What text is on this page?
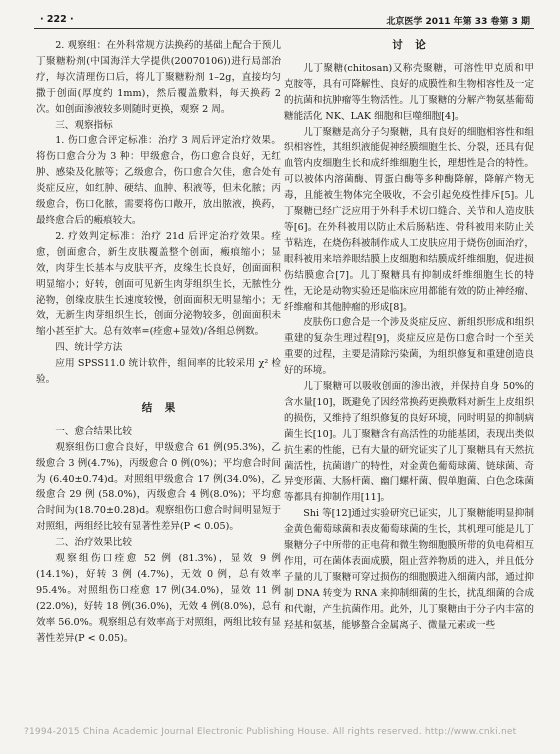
· 222 ·	北京医学 2011 年第 33 卷第 3 期

2. 观察组：在外科常规方法换药的基础上配合于预儿丁聚糖粉剂(中国海洋大学提供(20070106))进行局部治疗，每次清理伤口后，将儿丁聚糖粉剂 1–2g，直接均匀撒于创面(厚度约 1mm)，然后覆盖敷料，每天换药 2 次。如创面渗液较多则随时更换，观察 2 周。

三、观察指标

1. 伤口愈合评定标准：治疗 3 周后评定治疗效果。将伤口愈合分为 3 种：甲级愈合，伤口愈合良好，无红肿、感染及化脓等；乙级愈合，伤口愈合欠佳，愈合处有炎症反应，如红肿、硬结、血肿、积液等，但未化脓；丙级愈合，伤口化脓，需要将伤口敞开，放出脓液，换药，最终愈合后的瘢痕较大。

2. 疗效判定标准：治疗 21d 后评定治疗效果。痊愈，创面愈合，新生皮肤覆盖整个创面，瘢痕缩小；显效，肉芽生长基本与皮肤平齐，皮缘生长良好，创面面积明显缩小；好转，创面可见新生肉芽组织生长，无脓性分泌物，创缘皮肤生长速度较慢，创面面积无明显缩小；无效，无新生肉芽组织生长，创面分泌物较多，创面面积未缩小甚至扩大。总有效率=(痊愈+显效)/各组总例数。

四、统计学方法

应用 SPSS11.0 统计软件，组间率的比较采用 χ² 检验。

结果
一、愈合结果比较

观察组伤口愈合良好，甲级愈合 61 例(95.3%)，乙级愈合 3 例(4.7%)，丙级愈合 0 例(0%)；平均愈合时间为 (6.40±0.74)d。对照组甲级愈合 17 例(34.0%)，乙级愈合 29 例 (58.0%)，丙级愈合 4 例(8.0%)；平均愈合时间为(18.70±0.28)d。观察组伤口愈合时间明显短于对照组，两组经比较有显著性差异(P < 0.05)。

二、治疗效果比较

观察组伤口痊愈 52 例 (81.3%)，显效 9 例(14.1%)，好转 3 例 (4.7%)，无效 0 例，总有效率95.4%。对照组伤口痊愈 17 例(34.0%)，显效 11 例(22.0%)，好转 18 例(36.0%)，无效 4 例(8.0%)，总有效率 56.0%。观察组总有效率高于对照组，两组比较有显著性差异(P < 0.05)。

讨论

儿丁聚糖(chitosan)又称壳聚糖，可溶性甲克质和甲克胺等，具有可降解性、良好的成膜性和生物相容性及一定的抗菌和抗肿瘤等生物活性。儿丁聚糖的分解产物氨基葡萄糖能活化 NK、LAK 细胞和巨噬细胞[4]。

儿丁聚糖是高分子匀聚糖，具有良好的细胞相容性和组织相容性，其组织液能促神经膜细胞生长、分裂，还具有促血管内皮细胞生长和成纤维细胞生长，理想性是合的特性。可以被体内溶菌酶、胃蛋白酶等多种酶降解，降解产物无毒，且能被生物体完全吸收，不会引起免疫性排斥[5]。儿丁聚糖已经广泛应用于外科手术切口缝合、关节和人造皮肤等[6]。在外科被用以防止术后肠粘连、骨科被用来防止关节粘连，在烧伤科被制作成人工皮肤应用于烧伤创面治疗，眼科被用来培养眼结膜上皮细胞和结膜成纤维细胞，促进损伤结膜愈合[7]。儿丁聚糖具有抑制成纤维细胞生长的特性，无论是动物实验还是临床应用都能有效的防止神经瘤、纤维瘤和其他肿瘤的形成[8]。

皮肤伤口愈合是一个涉及炎症反应、新组织形成和组织重建的复杂生理过程[9]，炎症反应是伤口愈合时一个至关重要的过程，主要是清除污染菌，为组织修复和重建创造良好的环境。

儿丁聚糖可以吸收创面的渗出液，并保持自身 50%的含水量[10]，既避免了因经常换药更换敷料对新生上皮组织的损伤，又维持了组织修复的良好环境，同时明显的抑制病菌生长[10]。儿丁聚糖含有高活性的功能基团，表现出类似抗生素的性能，已有大量的研究证实了儿丁聚糖具有天然抗菌活性，抗菌谱广的特性，对金黄色葡萄球菌、链球菌、奇异变形菌、大肠杆菌、幽门螺杆菌、假单胞菌、白色念珠菌等都具有抑制作用[11]。

Shi 等[12]通过实验研究已证实，儿丁聚糖能明显抑制金黄色葡萄球菌和表皮葡萄球菌的生长，其机理可能是儿丁聚糖分子中所带的正电荷和微生物细胞膜所带的负电荷相互作用，可在菌体表面成膜，阻止营养物质的进入，并且低分子量的儿丁聚糖可穿过损伤的细胞膜进入细菌内部，通过抑制 DNA 转变为 RNA 来抑制细菌的生长，扰乱细菌的合成和代谢，产生抗菌作用。此外，儿丁聚糖由于分子内丰富的羟基和氨基，能够螯合金属离子、微量元素或一些

?1994-2015 China Academic Journal Electronic Publishing House. All rights reserved. http://www.cnki.net
